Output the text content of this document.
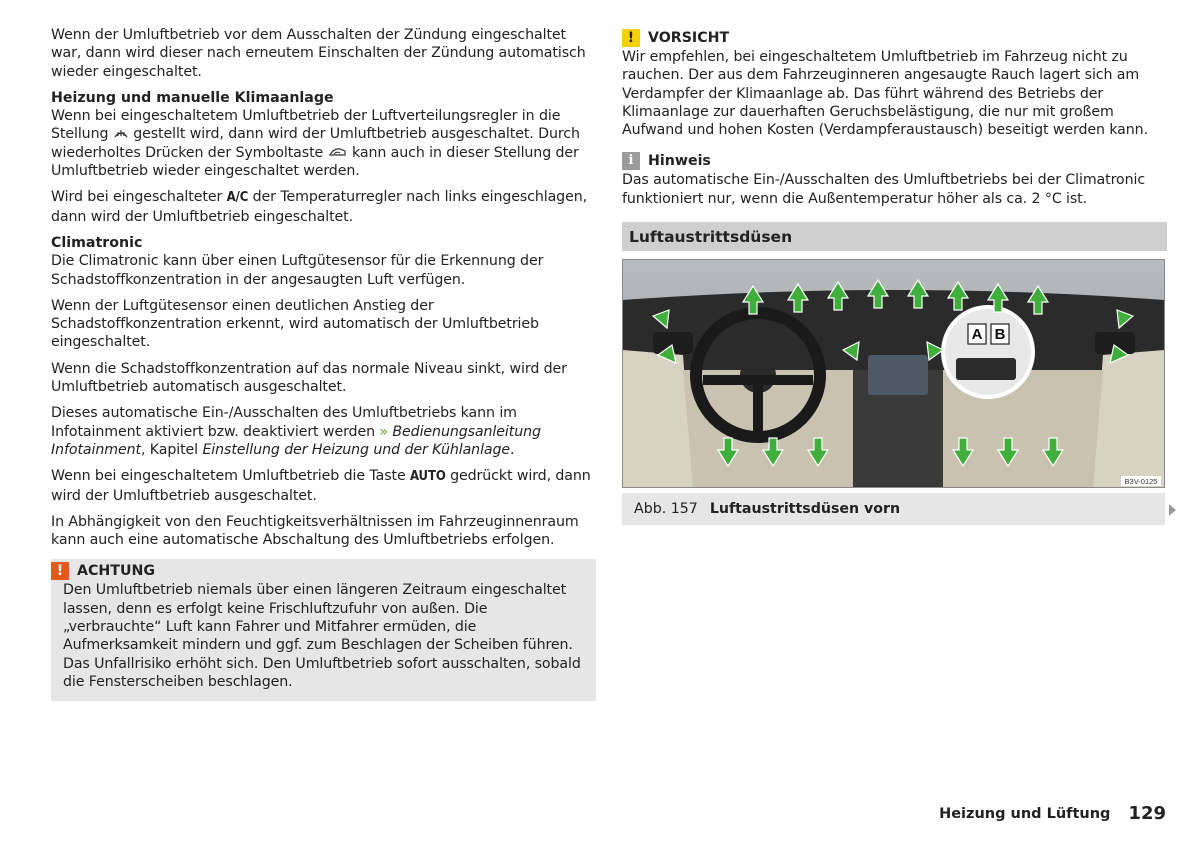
Wenn der Umluftbetrieb vor dem Ausschalten der Zündung eingeschaltet war, dann wird dieser nach erneutem Einschalten der Zündung automatisch wieder eingeschaltet.

Heizung und manuelle Klimaanlage

Wenn bei eingeschaltetem Umluftbetrieb der Luftverteilungsregler in die Stellung gestellt wird, dann wird der Umluftbetrieb ausgeschaltet. Durch wiederholtes Drücken der Symboltaste kann auch in dieser Stellung der Umluftbetrieb wieder eingeschaltet werden.

Wird bei eingeschalteter A/C der Temperaturregler nach links eingeschlagen, dann wird der Umluftbetrieb eingeschaltet.

Climatronic

Die Climatronic kann über einen Luftgütesensor für die Erkennung der Schadstoffkonzentration in der angesaugten Luft verfügen.

Wenn der Luftgütesensor einen deutlichen Anstieg der Schadstoffkonzentration erkennt, wird automatisch der Umluftbetrieb eingeschaltet.

Wenn die Schadstoffkonzentration auf das normale Niveau sinkt, wird der Umluftbetrieb automatisch ausgeschaltet.

Dieses automatische Ein-/Ausschalten des Umluftbetriebs kann im Infotainment aktiviert bzw. deaktiviert werden » Bedienungsanleitung Infotainment, Kapitel Einstellung der Heizung und der Kühlanlage.

Wenn bei eingeschaltetem Umluftbetrieb die Taste AUTO gedrückt wird, dann wird der Umluftbetrieb ausgeschaltet.

In Abhängigkeit von den Feuchtigkeitsverhältnissen im Fahrzeuginnenraum kann auch eine automatische Abschaltung des Umluftbetriebs erfolgen.

! ACHTUNG

Den Umluftbetrieb niemals über einen längeren Zeitraum eingeschaltet lassen, denn es erfolgt keine Frischluftzufuhr von außen. Die „verbrauchte“ Luft kann Fahrer und Mitfahrer ermüden, die Aufmerksamkeit mindern und ggf. zum Beschlagen der Scheiben führen. Das Unfallrisiko erhöht sich. Den Umluftbetrieb sofort ausschalten, sobald die Fensterscheiben beschlagen.

! VORSICHT

Wir empfehlen, bei eingeschaltetem Umluftbetrieb im Fahrzeug nicht zu rauchen. Der aus dem Fahrzeuginneren angesaugte Rauch lagert sich am Verdampfer der Klimaanlage ab. Das führt während des Betriebs der Klimaanlage zur dauerhaften Geruchsbelästigung, die nur mit großem Aufwand und hohen Kosten (Verdampferaustausch) beseitigt werden kann.

i	Hinweis

Das automatische Ein-/Ausschalten des Umluftbetriebs bei der Climatronic funktioniert nur, wenn die Außentemperatur höher als ca. 2 °C ist.

Luftaustrittsdüsen
A B
B3V-0125
Abb. 157 Luftaustrittsdüsen vorn
Heizung und Lüftung 129
